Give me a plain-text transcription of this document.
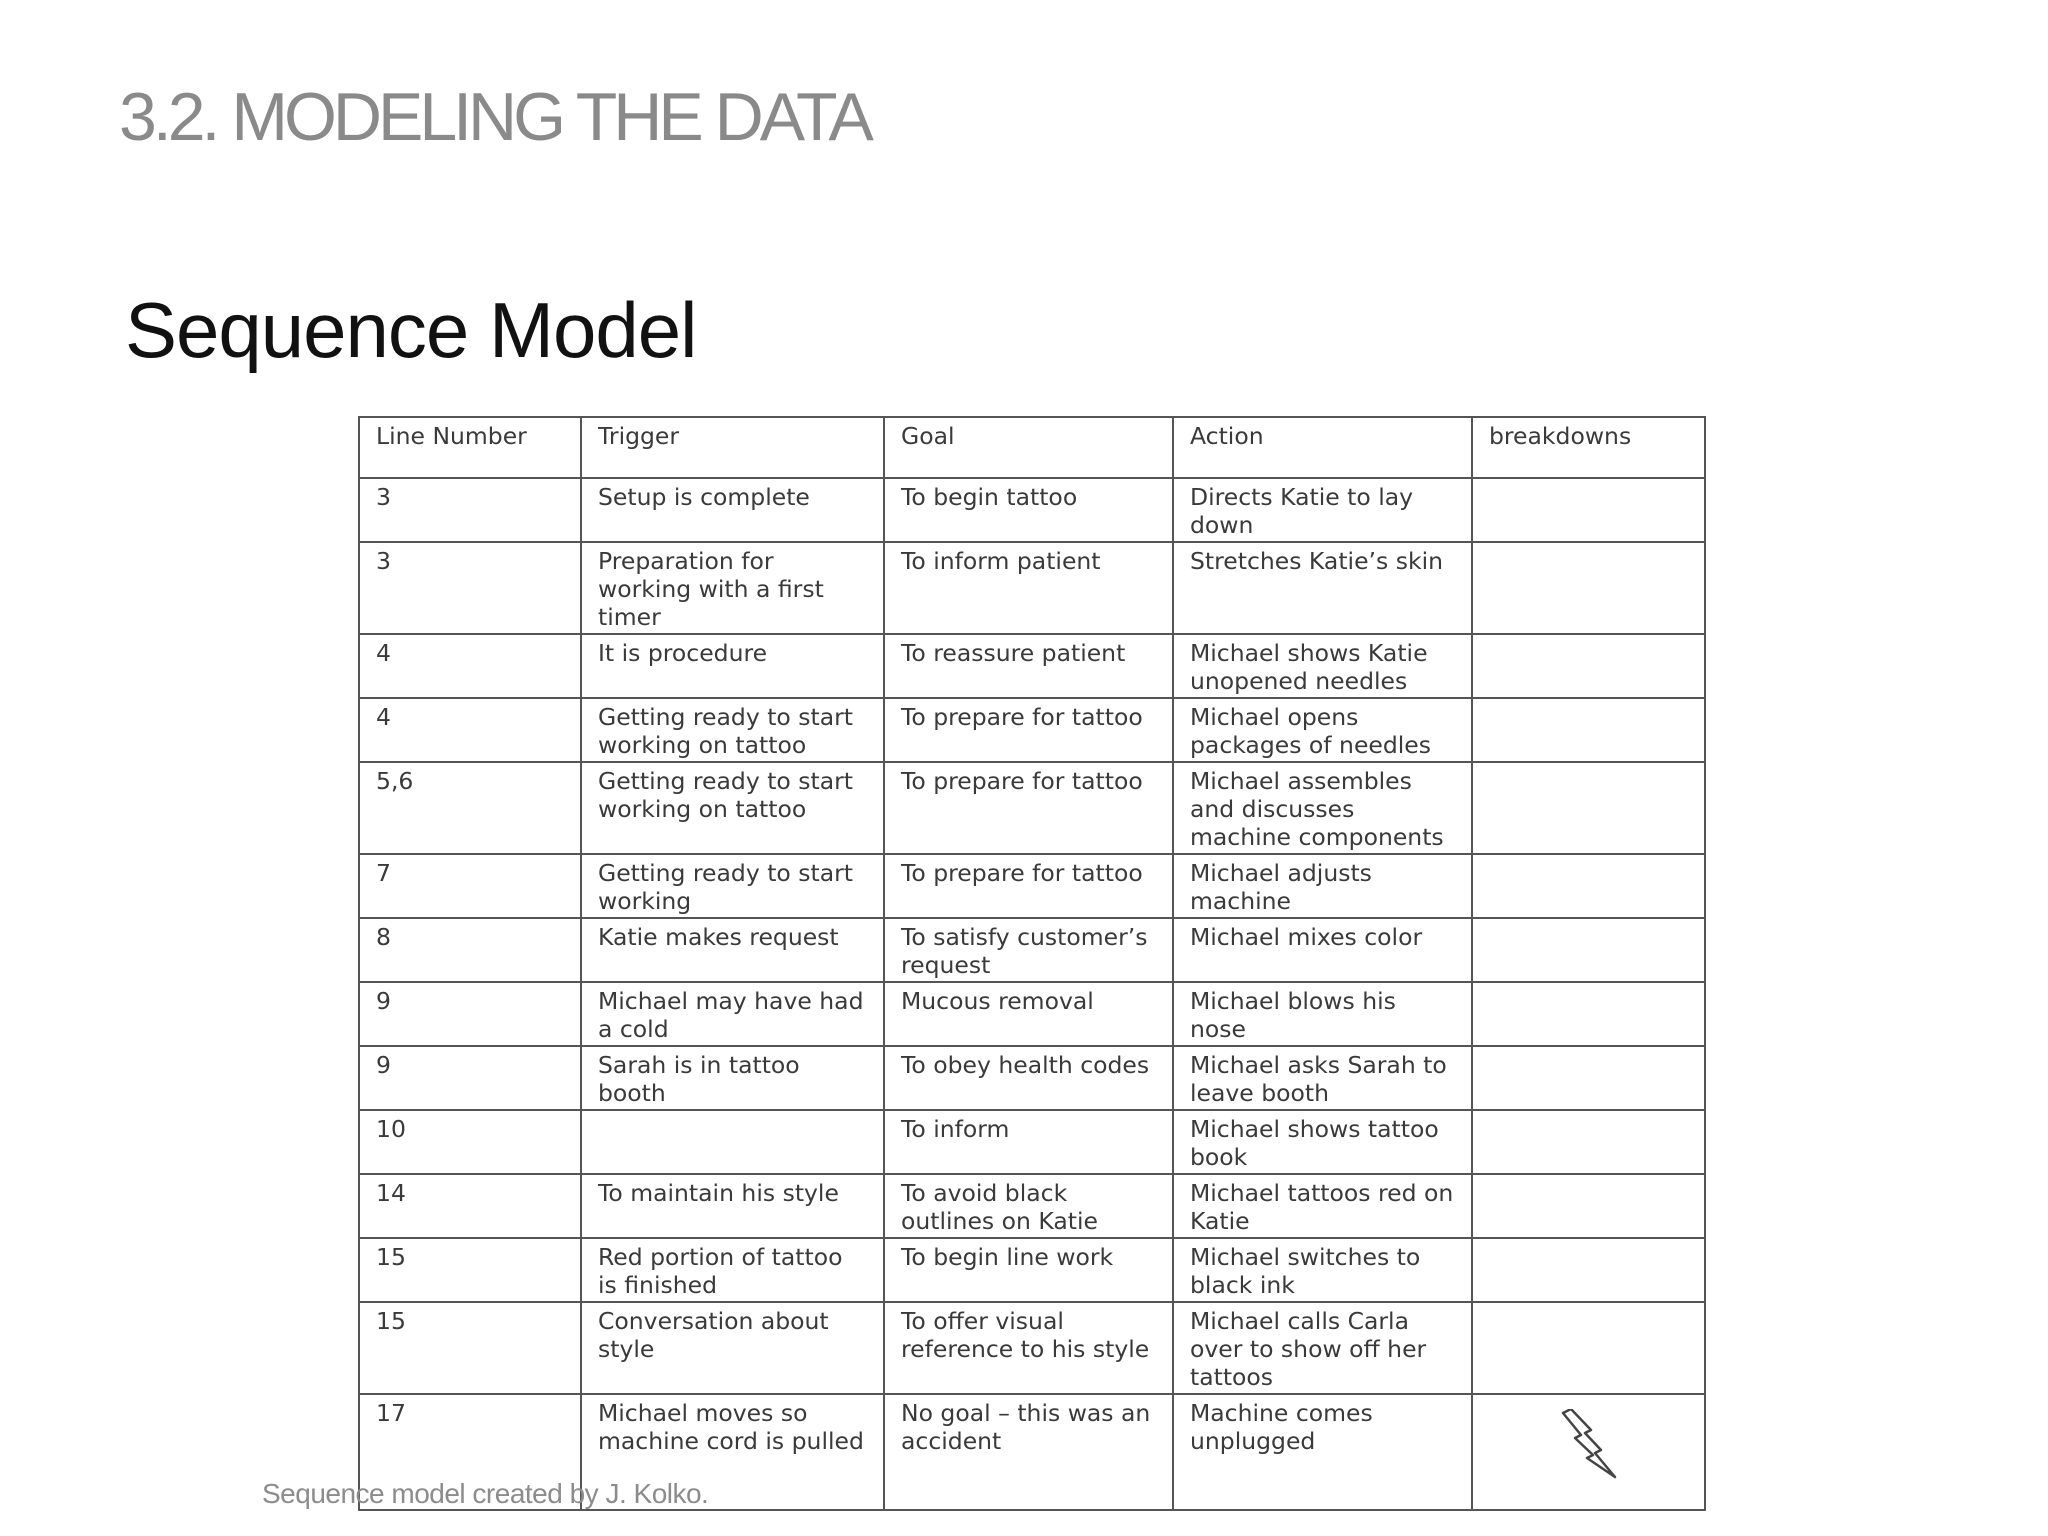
3.2. MODELING THE DATA
Sequence Model
Line Number	Trigger	Goal	Action	breakdowns
3	Setup is complete	To begin tattoo	Directs Katie to lay down	
3	Preparation for working with a first timer	To inform patient	Stretches Katie’s skin	
4	It is procedure	To reassure patient	Michael shows Katie unopened needles	
4	Getting ready to start working on tattoo	To prepare for tattoo	Michael opens packages of needles	
5,6	Getting ready to start working on tattoo	To prepare for tattoo	Michael assembles and discusses machine components	
7	Getting ready to start working	To prepare for tattoo	Michael adjusts machine	
8	Katie makes request	To satisfy customer’s request	Michael mixes color	
9	Michael may have had a cold	Mucous removal	Michael blows his nose	
9	Sarah is in tattoo booth	To obey health codes	Michael asks Sarah to leave booth	
10		To inform	Michael shows tattoo book	
14	To maintain his style	To avoid black outlines on Katie	Michael tattoos red on Katie	
15	Red portion of tattoo is finished	To begin line work	Michael switches to black ink	
15	Conversation about style	To offer visual reference to his style	Michael calls Carla over to show off her tattoos	
17	Michael moves so machine cord is pulled	No goal – this was an accident	Machine comes unplugged	
Sequence model created by J. Kolko.
